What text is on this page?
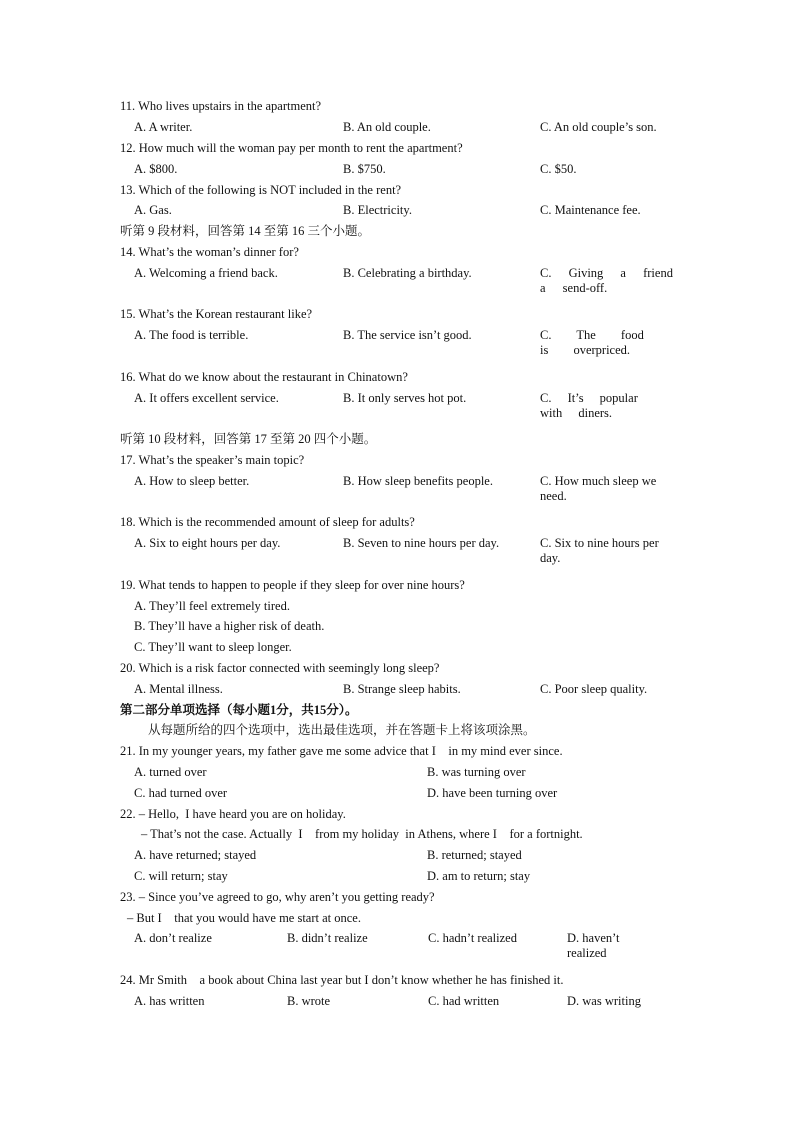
11. Who lives upstairs in the apartment?
A. A writer.	B. An old couple.	C. An old couple’s son.
12. How much will the woman pay per month to rent the apartment?
A. $800.	B. $750.	C. $50.
13. Which of the following is NOT included in the rent?
A. Gas.	B. Electricity.	C. Maintenance fee.
听第 9 段材料，回答第 14 至第 16 三个小题。
14. What’s the woman’s dinner for?
A. Welcoming a friend back.	B. Celebrating a birthday.	C. Giving a friend a send-off.
15. What’s the Korean restaurant like?
A. The food is terrible.	B. The service isn’t good.	C. The food is overpriced.
16. What do we know about the restaurant in Chinatown?
A. It offers excellent service.	B. It only serves hot pot.	C. It’s popular with diners.
听第 10 段材料，回答第 17 至第 20 四个小题。
17. What’s the speaker’s main topic?
A. How to sleep better.	B. How sleep benefits people.	C. How much sleep we need.
18. Which is the recommended amount of sleep for adults?
A. Six to eight hours per day.	B. Seven to nine hours per day.	C. Six to nine hours per day.
19. What tends to happen to people if they sleep for over nine hours?
A. They’ll feel extremely tired.
B. They’ll have a higher risk of death.
C. They’ll want to sleep longer.
20. Which is a risk factor connected with seemingly long sleep?
A. Mental illness.	B. Strange sleep habits.	C. Poor sleep quality.
第二部分单项选择（每小题1分，共15分）。
从每题所给的四个选项中，选出最佳选项，并在答题卡上将该项涂黑。
21. In my younger years, my father gave me some advice that I    in my mind ever since.
A. turned over	B. was turning over
C. had turned over	D. have been turning over
22. – Hello,  I have heard you are on holiday.
– That’s not the case. Actually  I    from my holiday  in Athens, where I    for a fortnight.
A. have returned; stayed	B. returned; stayed
C. will return; stay	D. am to return; stay
23. – Since you’ve agreed to go, why aren’t you getting ready?
– But I    that you would have me start at once.
A. don’t realize	B. didn’t realize	C. hadn’t realized	D. haven’t realized
24. Mr Smith    a book about China last year but I don’t know whether he has finished it.
A. has written	B. wrote	C. had written	D. was writing
